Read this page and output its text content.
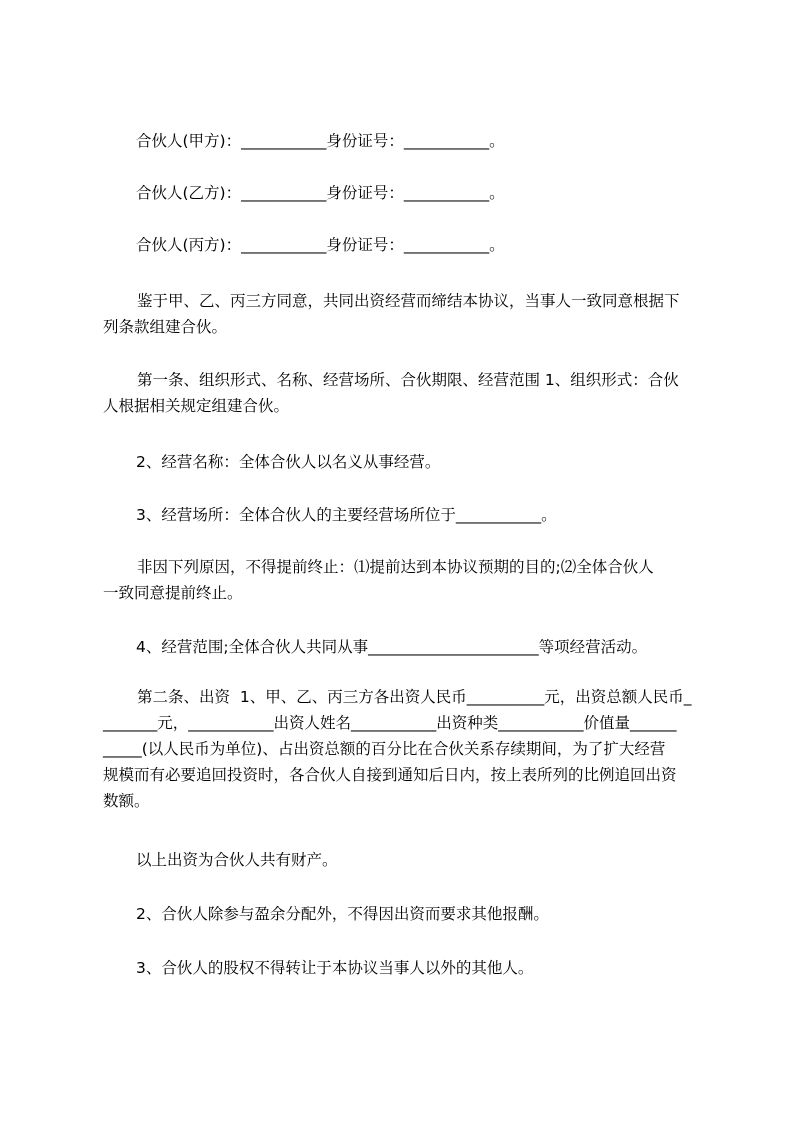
合伙人(甲方)：___________身份证号：___________。
合伙人(乙方)：___________身份证号：___________。
合伙人(丙方)：___________身份证号：___________。
鉴于甲、乙、丙三方同意，共同出资经营而缔结本协议，当事人一致同意根据下
列条款组建合伙。
第一条、组织形式、名称、经营场所、合伙期限、经营范围 1、组织形式：合伙
人根据相关规定组建合伙。
2、经营名称：全体合伙人以名义从事经营。
3、经营场所：全体合伙人的主要经营场所位于___________。
非因下列原因，不得提前终止：⑴提前达到本协议预期的目的;⑵全体合伙人
一致同意提前终止。
4、经营范围;全体合伙人共同从事______________________等项经营活动。
第二条、出资  1、甲、乙、丙三方各出资人民币__________元，出资总额人民币_
_______元，___________出资人姓名___________出资种类___________价值量______
_____(以人民币为单位)、占出资总额的百分比在合伙关系存续期间，为了扩大经营
规模而有必要追回投资时，各合伙人自接到通知后日内，按上表所列的比例追回出资
数额。
以上出资为合伙人共有财产。
2、合伙人除参与盈余分配外，不得因出资而要求其他报酬。
3、合伙人的股权不得转让于本协议当事人以外的其他人。
